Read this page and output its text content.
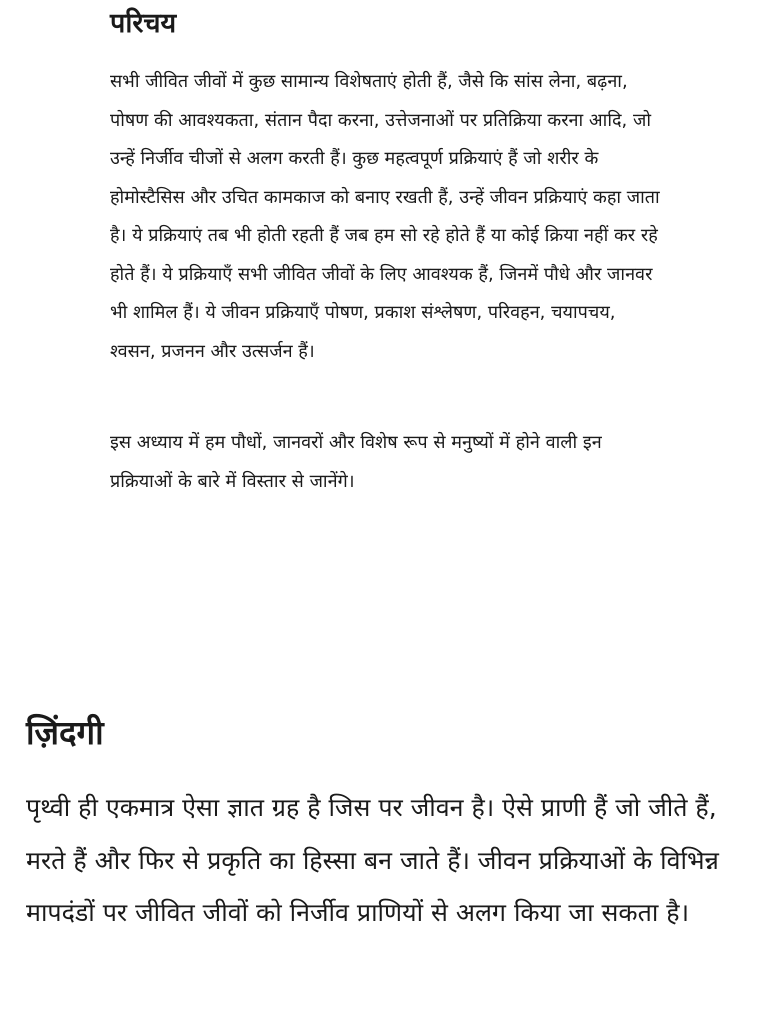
परिचय

सभी जीवित जीवों में कुछ सामान्य विशेषताएं होती हैं, जैसे कि सांस लेना, बढ़ना, पोषण की आवश्यकता, संतान पैदा करना, उत्तेजनाओं पर प्रतिक्रिया करना आदि, जो उन्हें निर्जीव चीजों से अलग करती हैं। कुछ महत्वपूर्ण प्रक्रियाएं हैं जो शरीर के होमोस्टैसिस और उचित कामकाज को बनाए रखती हैं, उन्हें जीवन प्रक्रियाएं कहा जाता है। ये प्रक्रियाएं तब भी होती रहती हैं जब हम सो रहे होते हैं या कोई क्रिया नहीं कर रहे होते हैं। ये प्रक्रियाएँ सभी जीवित जीवों के लिए आवश्यक हैं, जिनमें पौधे और जानवर भी शामिल हैं। ये जीवन प्रक्रियाएँ पोषण, प्रकाश संश्लेषण, परिवहन, चयापचय, श्वसन, प्रजनन और उत्सर्जन हैं।

इस अध्याय में हम पौधों, जानवरों और विशेष रूप से मनुष्यों में होने वाली इन प्रक्रियाओं के बारे में विस्तार से जानेंगे।

ज़िंदगी

पृथ्वी ही एकमात्र ऐसा ज्ञात ग्रह है जिस पर जीवन है। ऐसे प्राणी हैं जो जीते हैं, मरते हैं और फिर से प्रकृति का हिस्सा बन जाते हैं। जीवन प्रक्रियाओं के विभिन्न मापदंडों पर जीवित जीवों को निर्जीव प्राणियों से अलग किया जा सकता है।
